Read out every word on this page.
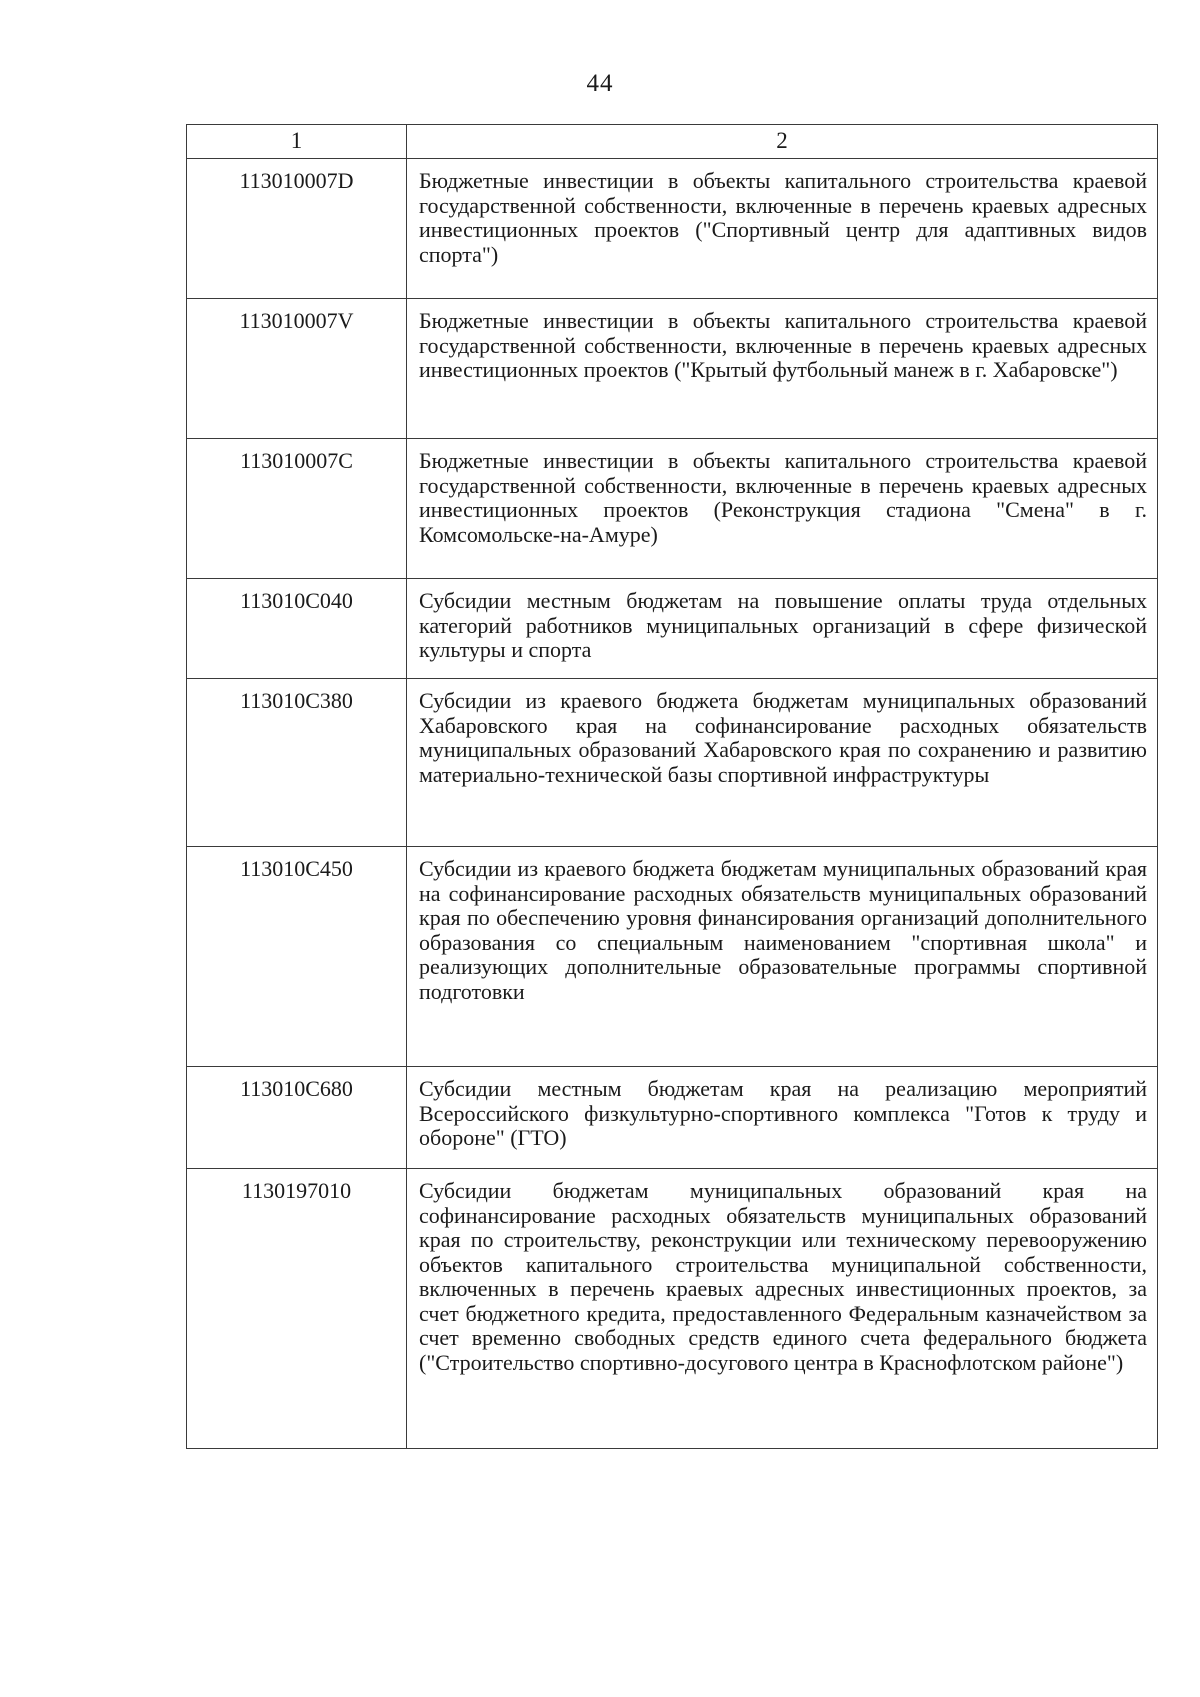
44
1	2
113010007D	Бюджетные инвестиции в объекты капитального строительства краевой государственной собственности, включенные в перечень краевых адресных инвестиционных проектов ("Спортивный центр для адаптивных видов спорта")
113010007V	Бюджетные инвестиции в объекты капитального строительства краевой государственной собственности, включенные в перечень краевых адресных инвестиционных проектов ("Крытый футбольный манеж в г. Хабаровске")
113010007C	Бюджетные инвестиции в объекты капитального строительства краевой государственной собственности, включенные в перечень краевых адресных инвестиционных проектов (Реконструкция стадиона "Смена" в г. Комсомольске-на-Амуре)
113010C040	Субсидии местным бюджетам на повышение оплаты труда отдельных категорий работников муниципальных организаций в сфере физической культуры и спорта
113010C380	Субсидии из краевого бюджета бюджетам муниципальных образований Хабаровского края на софинансирование расходных обязательств муниципальных образований Хабаровского края по сохранению и развитию материально-технической базы спортивной инфраструктуры
113010C450	Субсидии из краевого бюджета бюджетам муниципальных образований края на софинансирование расходных обязательств муниципальных образований края по обеспечению уровня финансирования организаций дополнительного образования со специальным наименованием "спортивная школа" и реализующих дополнительные образовательные программы спортивной подготовки
113010C680	Субсидии местным бюджетам края на реализацию мероприятий Всероссийского физкультурно-спортивного комплекса "Готов к труду и обороне" (ГТО)
1130197010	Субсидии бюджетам муниципальных образований края на софинансирование расходных обязательств муниципальных образований края по строительству, реконструкции или техническому перевооружению объектов капитального строительства муниципальной собственности, включенных в перечень краевых адресных инвестиционных проектов, за счет бюджетного кредита, предоставленного Федеральным казначейством за счет временно свободных средств единого счета федерального бюджета ("Строительство спортивно-досугового центра в Краснофлотском районе")
